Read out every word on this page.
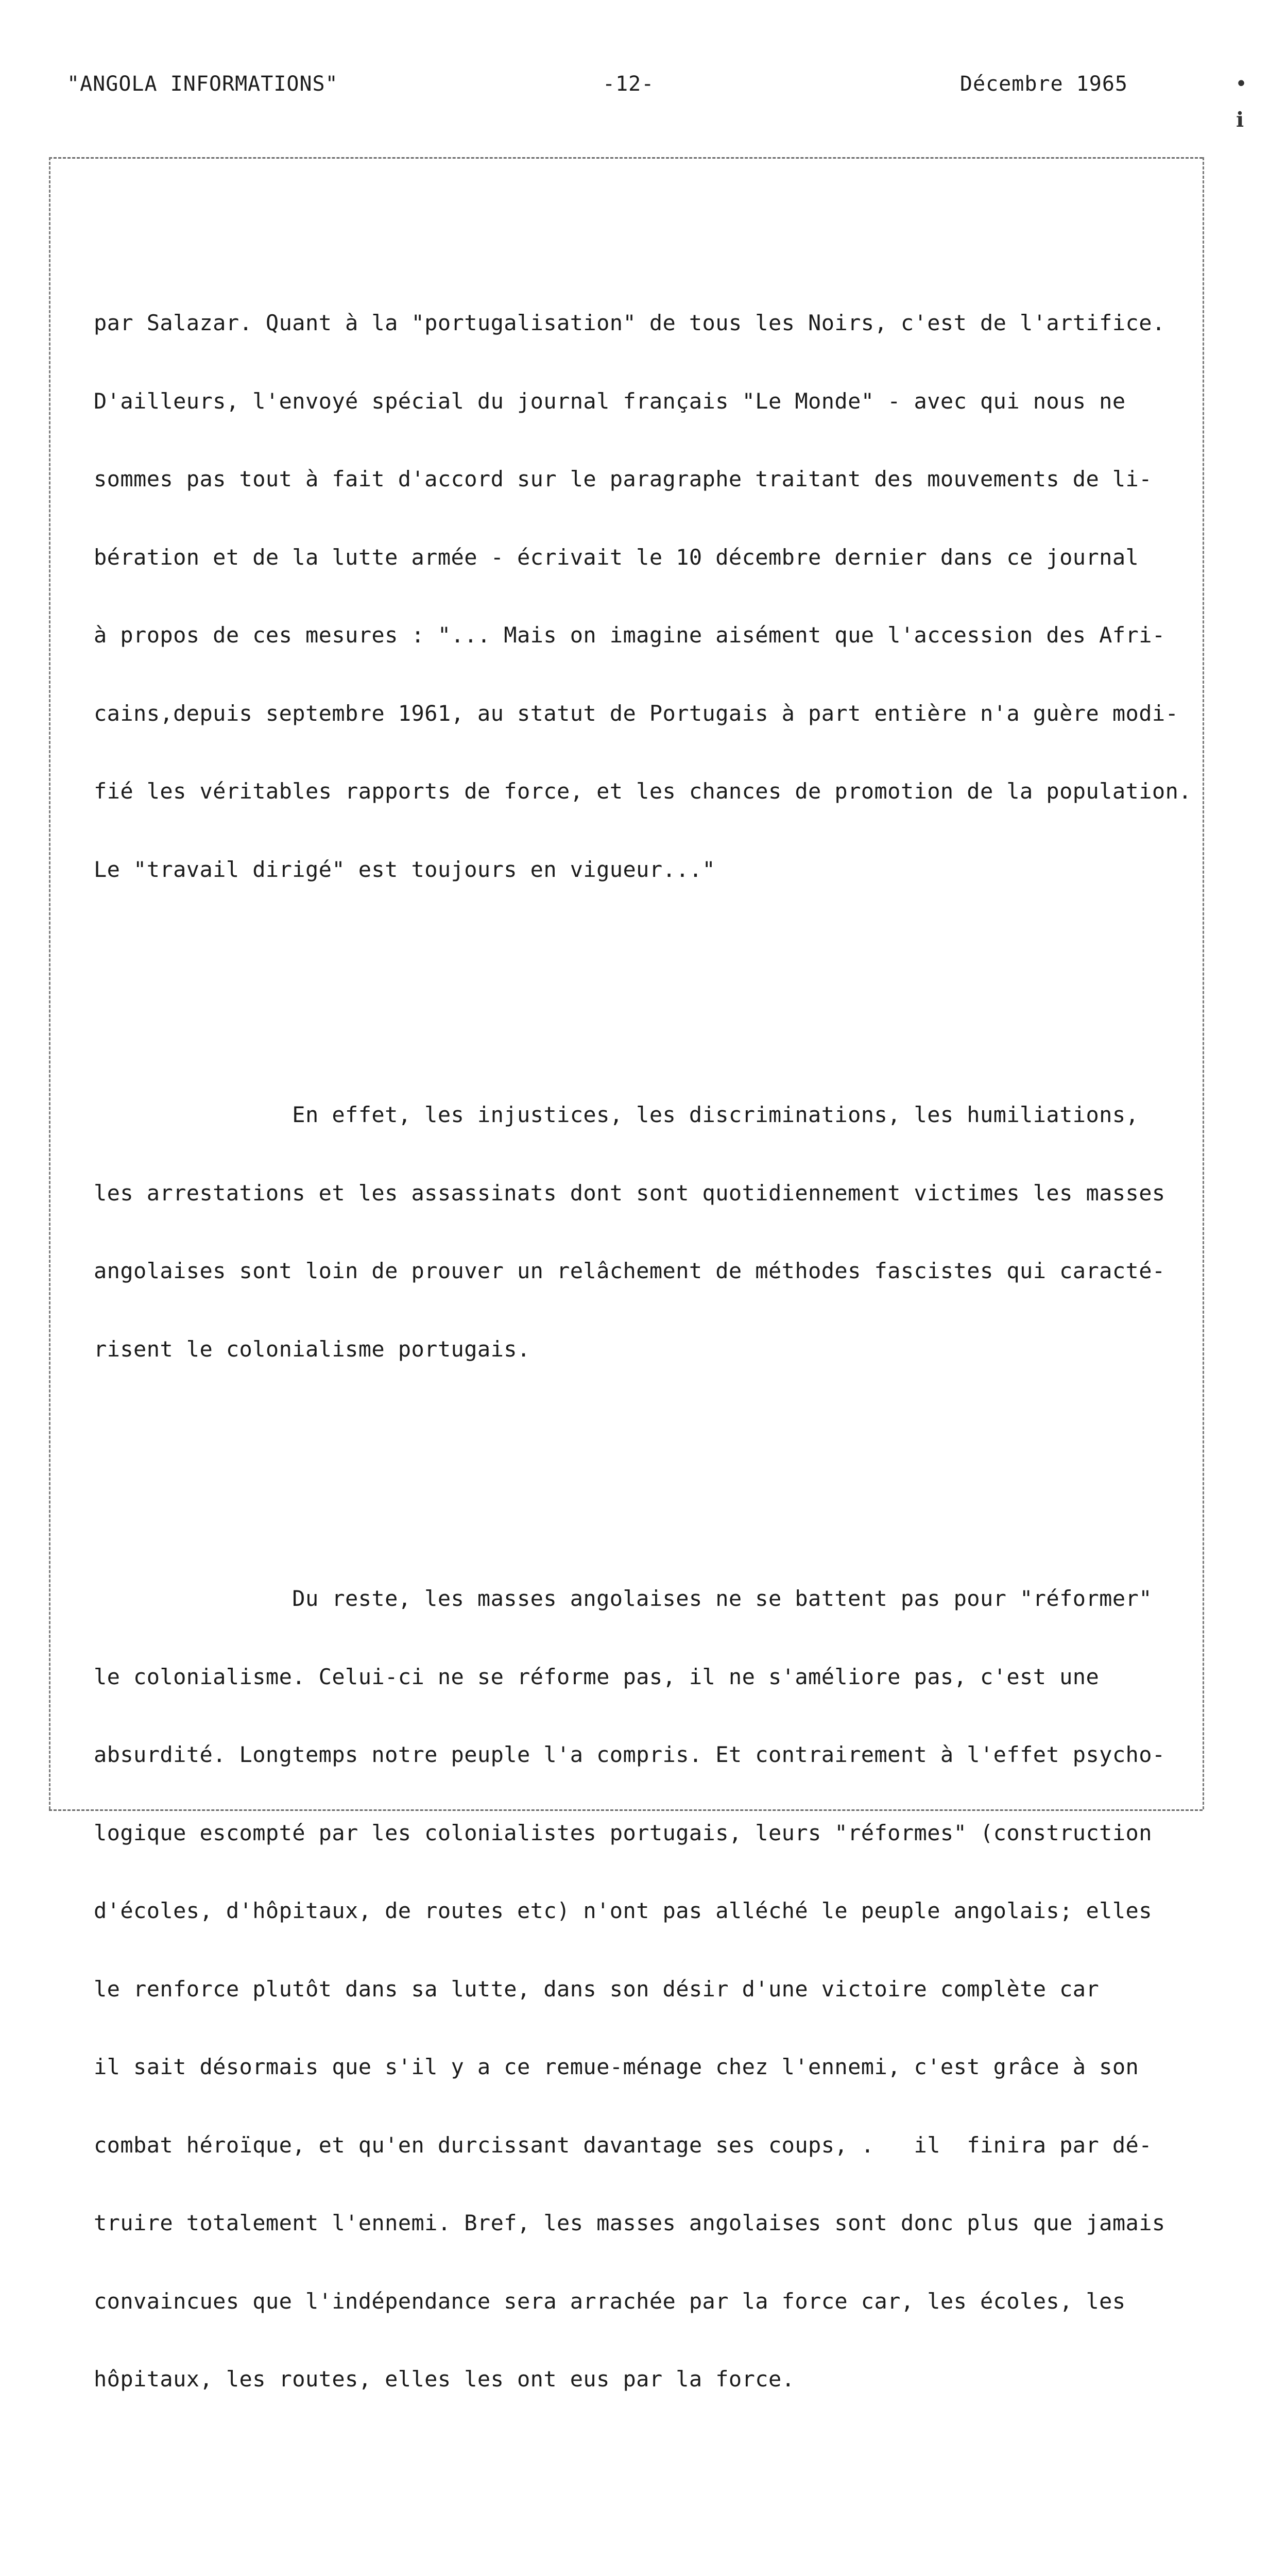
"ANGOLA INFORMATIONS"	-12-	Décembre 1965	•
ℹ

par Salazar. Quant à la "portugalisation" de tous les Noirs, c'est de l'artifice.

D'ailleurs, l'envoyé spécial du journal français "Le Monde" - avec qui nous ne

sommes pas tout à fait d'accord sur le paragraphe traitant des mouvements de li-

bération et de la lutte armée - écrivait le 10 décembre dernier dans ce journal

à propos de ces mesures : "... Mais on imagine aisément que l'accession des Afri-

cains,depuis septembre 1961, au statut de Portugais à part entière n'a guère modi-

fié les véritables rapports de force, et les chances de promotion de la population.

Le "travail dirigé" est toujours en vigueur..."

En effet, les injustices, les discriminations, les humiliations,

les arrestations et les assassinats dont sont quotidiennement victimes les masses

angolaises sont loin de prouver un relâchement de méthodes fascistes qui caracté-

risent le colonialisme portugais.

Du reste, les masses angolaises ne se battent pas pour "réformer"

le colonialisme. Celui-ci ne se réforme pas, il ne s'améliore pas, c'est une

absurdité. Longtemps notre peuple l'a compris. Et contrairement à l'effet psycho-

logique escompté par les colonialistes portugais, leurs "réformes" (construction

d'écoles, d'hôpitaux, de routes etc) n'ont pas alléché le peuple angolais; elles

le renforce plutôt dans sa lutte, dans son désir d'une victoire complète car

il sait désormais que s'il y a ce remue-ménage chez l'ennemi, c'est grâce à son

combat héroïque, et qu'en durcissant davantage ses coups, .   il  finira par dé-

truire totalement l'ennemi. Bref, les masses angolaises sont donc plus que jamais

convaincues que l'indépendance sera arrachée par la force car, les écoles, les

hôpitaux, les routes, elles les ont eus par la force.
